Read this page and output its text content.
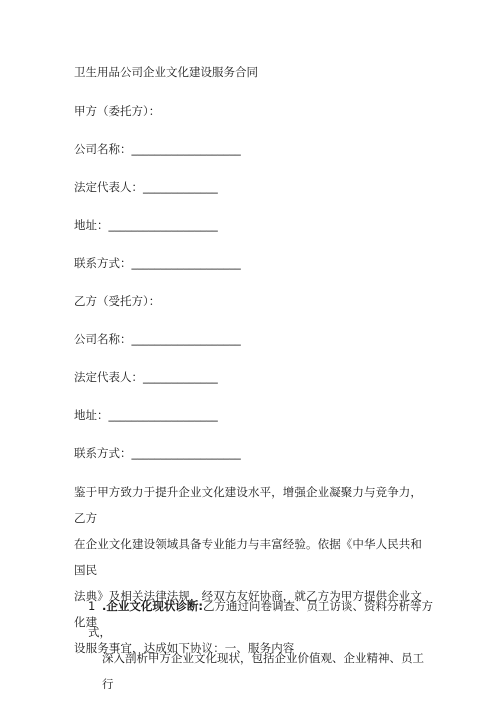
卫生用品公司企业文化建设服务合同
甲方（委托方）：
公司名称：___________________
法定代表人：_____________
地址：___________________
联系方式：___________________
乙方（受托方）：
公司名称：___________________
法定代表人：_____________
地址：___________________
联系方式：___________________
鉴于甲方致力于提升企业文化建设水平，增强企业凝聚力与竞争力，乙方
在企业文化建设领域具备专业能力与丰富经验。依据《中华人民共和国民
法典》及相关法律法规，经双方友好协商，就乙方为甲方提供企业文化建
设服务事宜，达成如下协议：一、服务内容
1 .企业文化现状诊断:乙方通过问卷调查、员工访谈、资料分析等方式，
深入剖析甲方企业文化现状，包括企业价值观、企业精神、员工行
